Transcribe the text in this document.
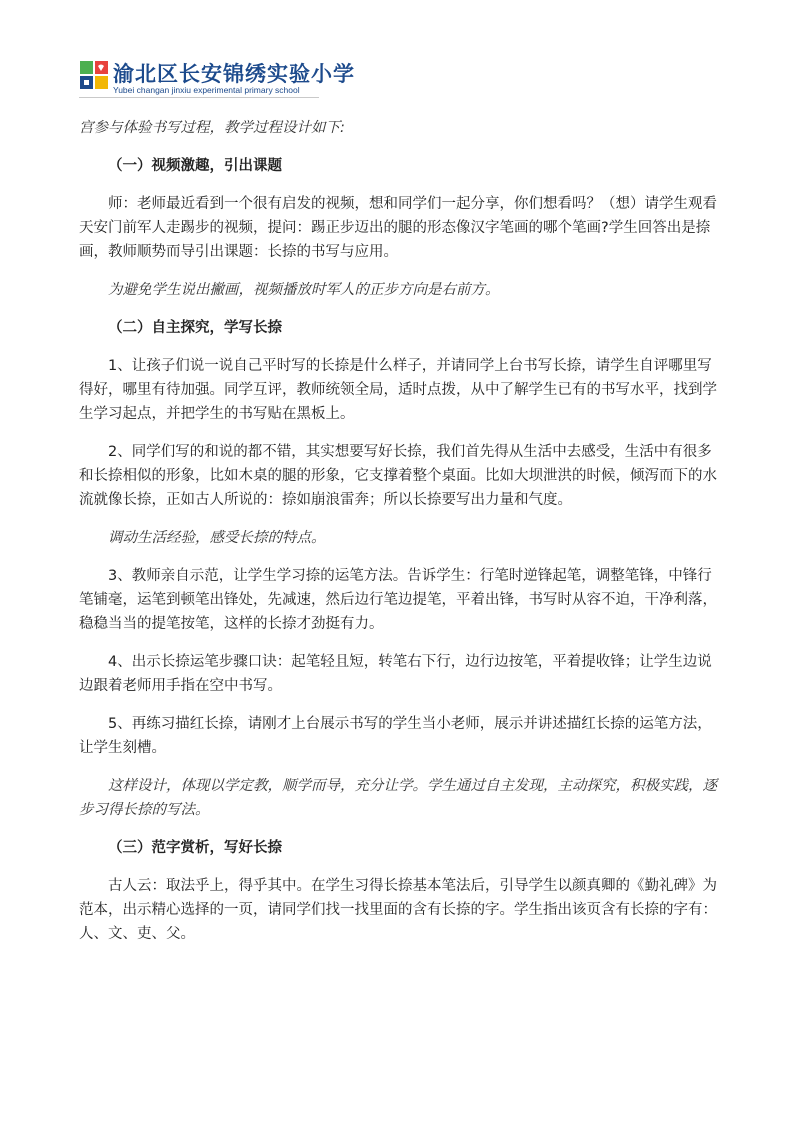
渝北区长安锦绣实验小学
Yubei changan jinxiu experimental primary school

宫参与体验书写过程，教学过程设计如下:

（一）视频激趣，引出课题

师：老师最近看到一个很有启发的视频，想和同学们一起分享，你们想看吗？（想）请学生观看天安门前军人走踢步的视频，提问：踢正步迈出的腿的形态像汉字笔画的哪个笔画?学生回答出是捺画，教师顺势而导引出课题：长捺的书写与应用。

为避免学生说出撇画，视频播放时军人的正步方向是右前方。

（二）自主探究，学写长捺

1、让孩子们说一说自己平时写的长捺是什么样子，并请同学上台书写长捺，请学生自评哪里写得好，哪里有待加强。同学互评，教师统领全局，适时点拨，从中了解学生已有的书写水平，找到学生学习起点，并把学生的书写贴在黑板上。

2、同学们写的和说的都不错，其实想要写好长捺，我们首先得从生活中去感受，生活中有很多和长捺相似的形象，比如木桌的腿的形象，它支撑着整个桌面。比如大坝泄洪的时候，倾泻而下的水流就像长捺，正如古人所说的：捺如崩浪雷奔；所以长捺要写出力量和气度。

调动生活经验，感受长捺的特点。

3、教师亲自示范，让学生学习捺的运笔方法。告诉学生：行笔时逆锋起笔，调整笔锋，中锋行笔铺毫，运笔到顿笔出锋处，先减速，然后边行笔边提笔，平着出锋，书写时从容不迫，干净利落，稳稳当当的提笔按笔，这样的长捺才劲挺有力。

4、出示长捺运笔步骤口诀：起笔轻且短，转笔右下行，边行边按笔，平着提收锋；让学生边说边跟着老师用手指在空中书写。

5、再练习描红长捺，请刚才上台展示书写的学生当小老师，展示并讲述描红长捺的运笔方法，让学生刻槽。

这样设计，体现以学定教，顺学而导，充分让学。学生通过自主发现，主动探究，积极实践，逐步习得长捺的写法。

（三）范字赏析，写好长捺

古人云：取法乎上，得乎其中。在学生习得长捺基本笔法后，引导学生以颜真卿的《勤礼碑》为范本，出示精心选择的一页，请同学们找一找里面的含有长捺的字。学生指出该页含有长捺的字有：人、文、吏、父。
